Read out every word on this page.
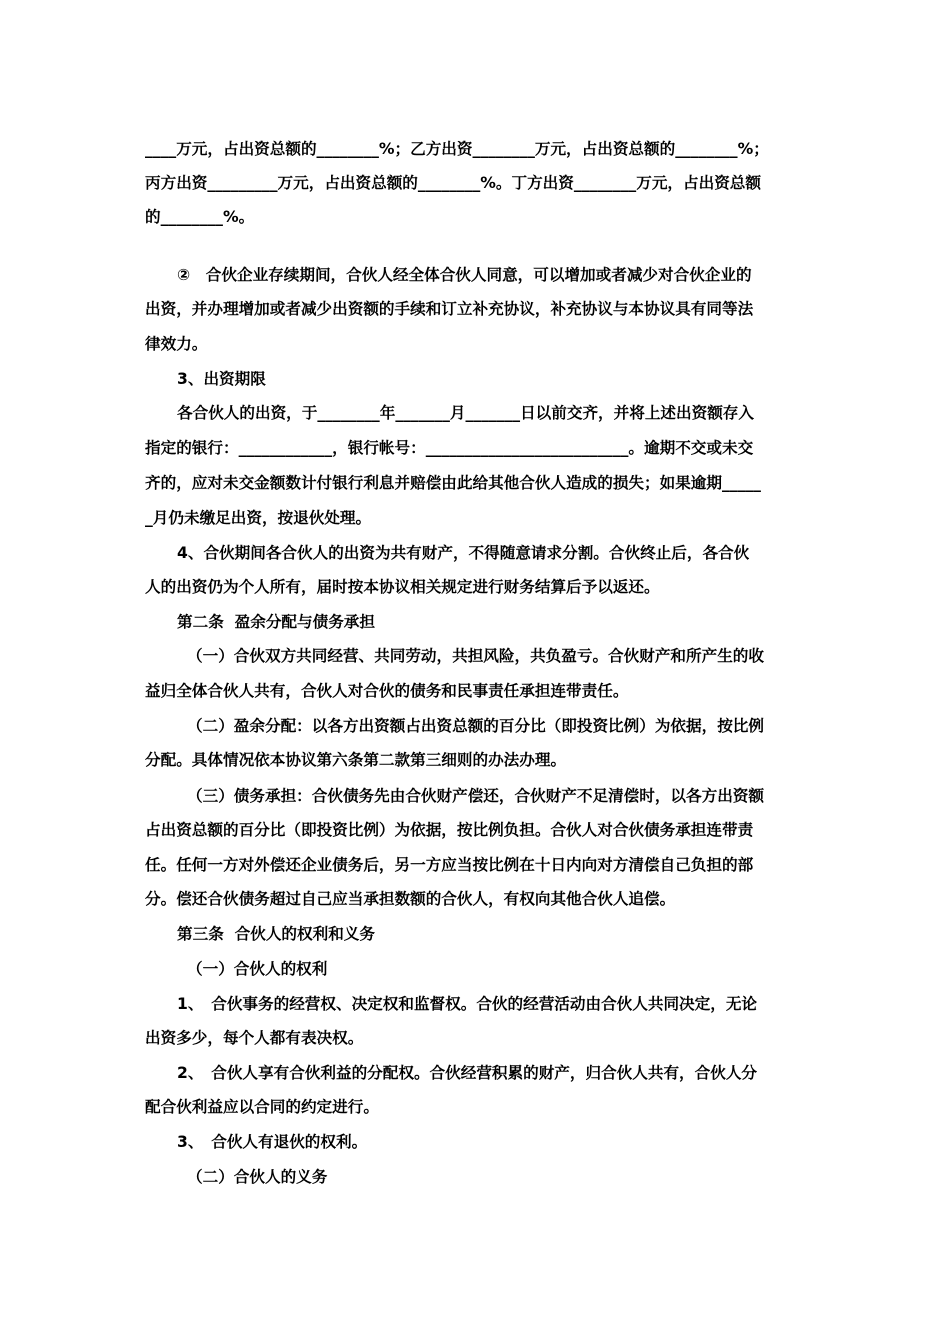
____万元，占出资总额的________%；乙方出资________万元，占出资总额的________%；
丙方出资_________万元，占出资总额的________%。丁方出资________万元，占出资总额
的________%。
②　合伙企业存续期间，合伙人经全体合伙人同意，可以增加或者减少对合伙企业的
出资，并办理增加或者减少出资额的手续和订立补充协议，补充协议与本协议具有同等法
律效力。
3、出资期限
各合伙人的出资，于________年_______月_______日以前交齐，并将上述出资额存入
指定的银行：____________，银行帐号：__________________________。逾期不交或未交
齐的，应对未交金额数计付银行利息并赔偿由此给其他合伙人造成的损失；如果逾期_____
_月仍未缴足出资，按退伙处理。
4、合伙期间各合伙人的出资为共有财产，不得随意请求分割。合伙终止后，各合伙
人的出资仍为个人所有，届时按本协议相关规定进行财务结算后予以返还。
第二条  盈余分配与债务承担
（一）合伙双方共同经营、共同劳动，共担风险，共负盈亏。合伙财产和所产生的收
益归全体合伙人共有，合伙人对合伙的债务和民事责任承担连带责任。
（二）盈余分配：以各方出资额占出资总额的百分比（即投资比例）为依据，按比例
分配。具体情况依本协议第六条第二款第三细则的办法办理。
（三）债务承担：合伙债务先由合伙财产偿还，合伙财产不足清偿时，以各方出资额
占出资总额的百分比（即投资比例）为依据，按比例负担。合伙人对合伙债务承担连带责
任。任何一方对外偿还企业债务后，另一方应当按比例在十日内向对方清偿自己负担的部
分。偿还合伙债务超过自己应当承担数额的合伙人，有权向其他合伙人追偿。
第三条  合伙人的权利和义务
（一）合伙人的权利
1、　合伙事务的经营权、决定权和监督权。合伙的经营活动由合伙人共同决定，无论
出资多少，每个人都有表决权。
2、　合伙人享有合伙利益的分配权。合伙经营积累的财产，归合伙人共有，合伙人分
配合伙利益应以合同的约定进行。
3、　合伙人有退伙的权利。
（二）合伙人的义务
